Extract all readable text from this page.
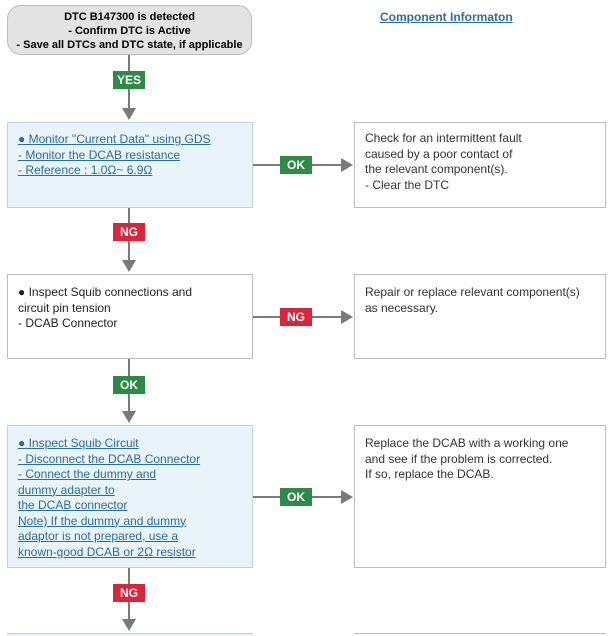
DTC B147300 is detected
- Confirm DTC is Active
- Save all DTCs and DTC state, if applicable
Component Informaton
YES
● Monitor "Current Data" using GDS
- Monitor the DCAB resistance
- Reference : 1.0Ω~ 6.9Ω	OK
Check for an intermittent fault
caused by a poor contact of
the relevant component(s).
- Clear the DTC
NG
● Inspect Squib connections and
circuit pin tension
- DCAB Connector	NG
Repair or replace relevant component(s)
as necessary.
OK
● Inspect Squib Circuit
- Disconnect the DCAB Connector
- Connect the dummy and
dummy adapter to
the DCAB connector
Note) If the dummy and dummy
adaptor is not prepared, use a
known-good DCAB or 2Ω resistor
OK
Replace the DCAB with a working one
and see if the problem is corrected.
If so, replace the DCAB.
NG
